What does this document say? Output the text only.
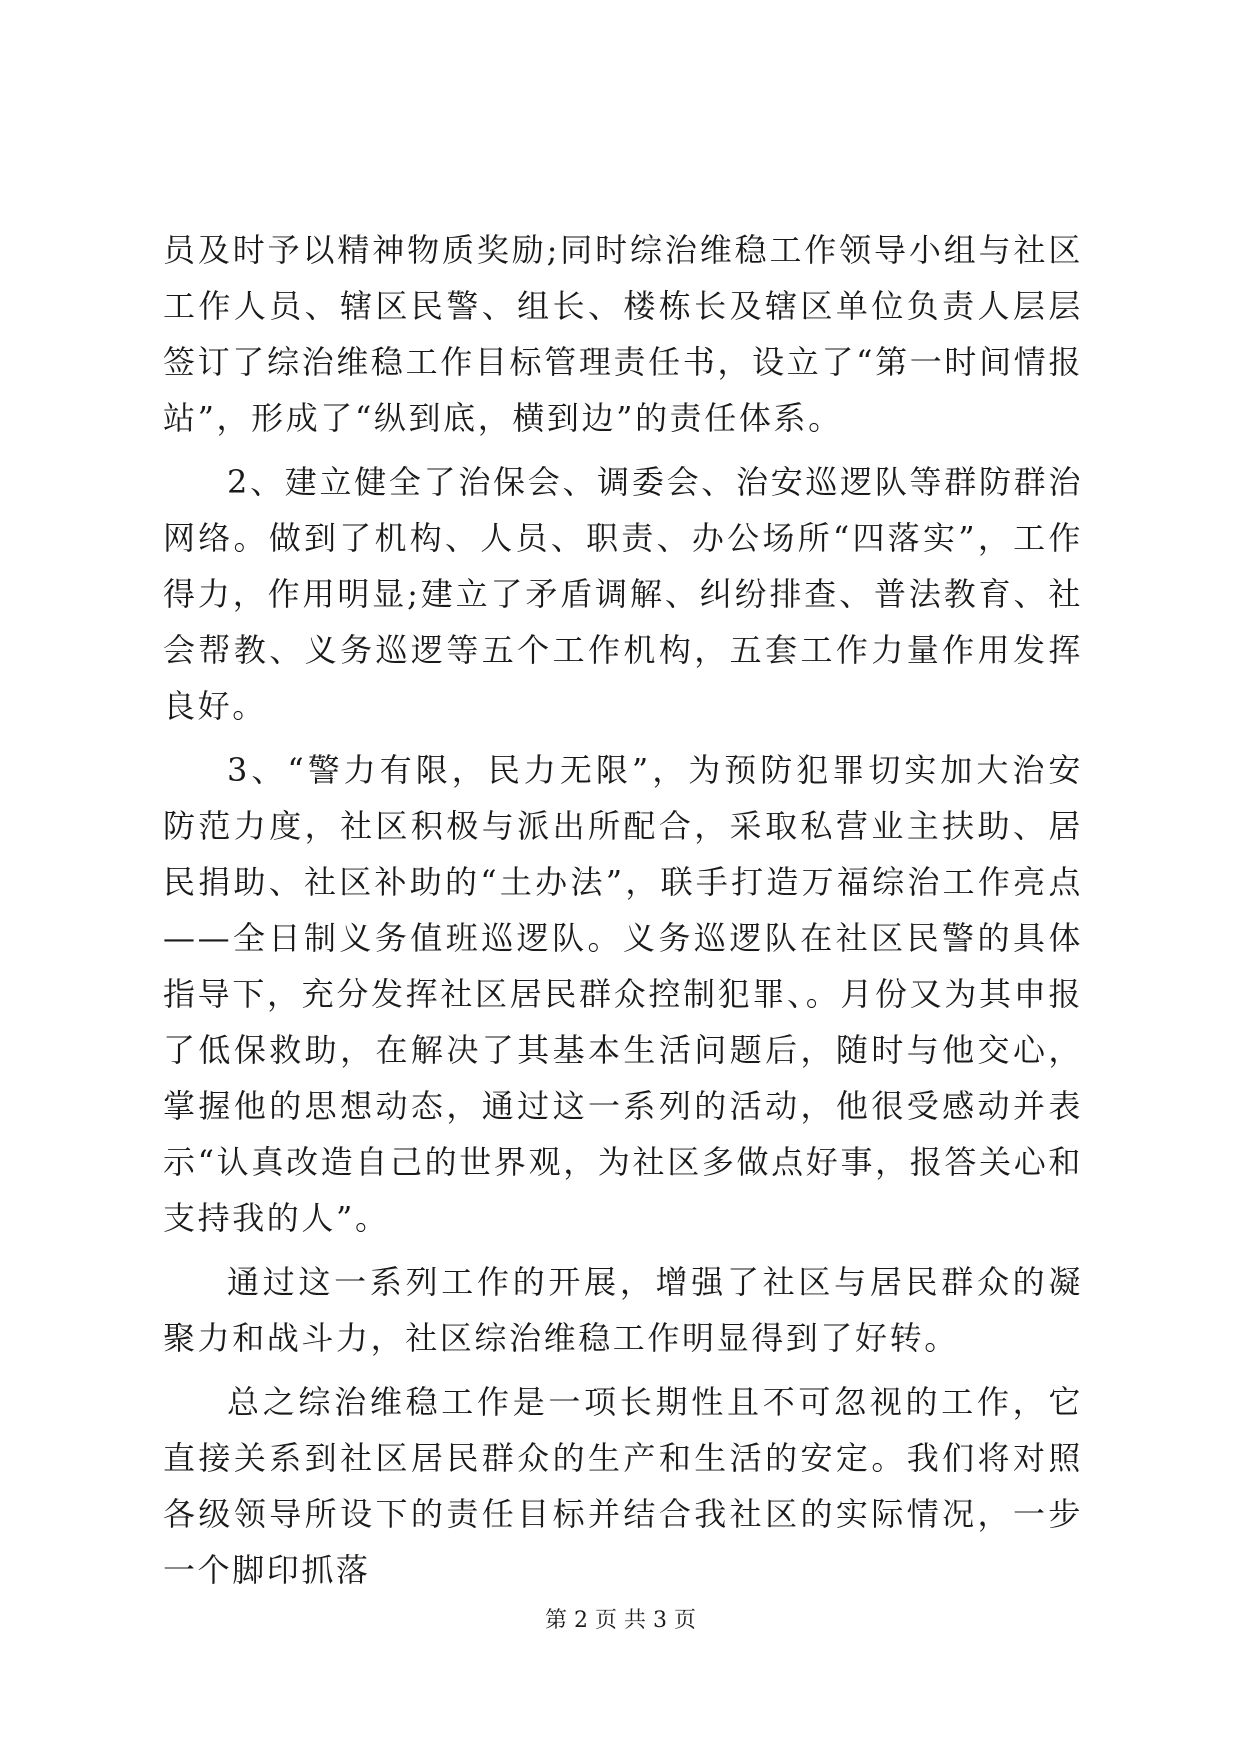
员及时予以精神物质奖励;同时综治维稳工作领导小组与社区工作人员、辖区民警、组长、楼栋长及辖区单位负责人层层签订了综治维稳工作目标管理责任书，设立了“第一时间情报站”，形成了“纵到底，横到边”的责任体系。

2、建立健全了治保会、调委会、治安巡逻队等群防群治网络。做到了机构、人员、职责、办公场所“四落实”，工作得力，作用明显;建立了矛盾调解、纠纷排查、普法教育、社会帮教、义务巡逻等五个工作机构，五套工作力量作用发挥良好。

3、“警力有限，民力无限”，为预防犯罪切实加大治安防范力度，社区积极与派出所配合，采取私营业主扶助、居民捐助、社区补助的“土办法”，联手打造万福综治工作亮点——全日制义务值班巡逻队。义务巡逻队在社区民警的具体指导下，充分发挥社区居民群众控制犯罪、。月份又为其申报了低保救助，在解决了其基本生活问题后，随时与他交心，掌握他的思想动态，通过这一系列的活动，他很受感动并表示“认真改造自己的世界观，为社区多做点好事，报答关心和支持我的人”。

通过这一系列工作的开展，增强了社区与居民群众的凝聚力和战斗力，社区综治维稳工作明显得到了好转。

总之综治维稳工作是一项长期性且不可忽视的工作，它直接关系到社区居民群众的生产和生活的安定。我们将对照各级领导所设下的责任目标并结合我社区的实际情况，一步一个脚印抓落

第 2 页 共 3 页
